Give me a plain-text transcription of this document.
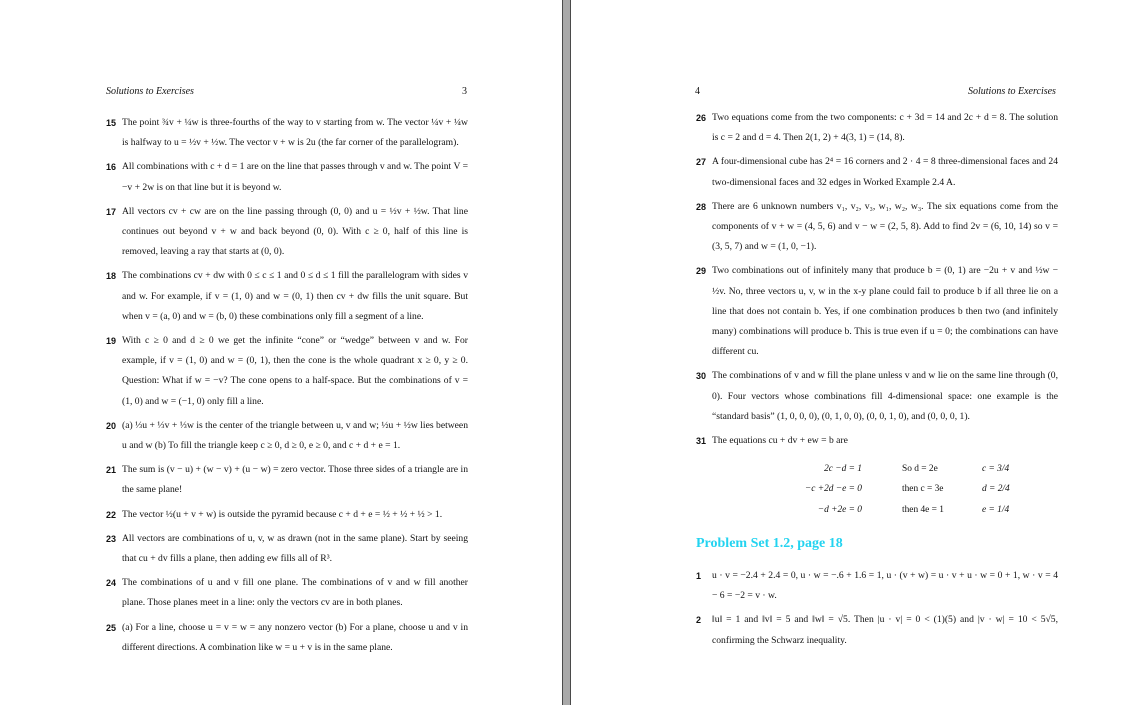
Solutions to Exercises	3
15 The point ¾v + ¼w is three-fourths of the way to v starting from w. The vector ¼v + ¼w is halfway to u = ½v + ½w. The vector v + w is 2u (the far corner of the parallelogram).
16 All combinations with c + d = 1 are on the line that passes through v and w. The point V = −v + 2w is on that line but it is beyond w.
17 All vectors cv + cw are on the line passing through (0, 0) and u = ½v + ½w. That line continues out beyond v + w and back beyond (0, 0). With c ≥ 0, half of this line is removed, leaving a ray that starts at (0, 0).
18 The combinations cv + dw with 0 ≤ c ≤ 1 and 0 ≤ d ≤ 1 fill the parallelogram with sides v and w. For example, if v = (1, 0) and w = (0, 1) then cv + dw fills the unit square. But when v = (a, 0) and w = (b, 0) these combinations only fill a segment of a line.
19 With c ≥ 0 and d ≥ 0 we get the infinite “cone” or “wedge” between v and w. For example, if v = (1, 0) and w = (0, 1), then the cone is the whole quadrant x ≥ 0, y ≥ 0. Question: What if w = −v? The cone opens to a half-space. But the combinations of v = (1, 0) and w = (−1, 0) only fill a line.
20 (a) ⅓u + ⅓v + ⅓w is the center of the triangle between u, v and w; ½u + ½w lies between u and w (b) To fill the triangle keep c ≥ 0, d ≥ 0, e ≥ 0, and c + d + e = 1.
21 The sum is (v − u) + (w − v) + (u − w) = zero vector. Those three sides of a triangle are in the same plane!
22 The vector ½(u + v + w) is outside the pyramid because c + d + e = ½ + ½ + ½ > 1.
23 All vectors are combinations of u, v, w as drawn (not in the same plane). Start by seeing that cu + dv fills a plane, then adding ew fills all of R³.
24 The combinations of u and v fill one plane. The combinations of v and w fill another plane. Those planes meet in a line: only the vectors cv are in both planes.
25 (a) For a line, choose u = v = w = any nonzero vector (b) For a plane, choose u and v in different directions. A combination like w = u + v is in the same plane.
4	Solutions to Exercises
26 Two equations come from the two components: c + 3d = 14 and 2c + d = 8. The solution is c = 2 and d = 4. Then 2(1, 2) + 4(3, 1) = (14, 8).
27 A four-dimensional cube has 2⁴ = 16 corners and 2 · 4 = 8 three-dimensional faces and 24 two-dimensional faces and 32 edges in Worked Example 2.4 A.
28 There are 6 unknown numbers v₁, v₂, v₃, w₁, w₂, w₃. The six equations come from the components of v + w = (4, 5, 6) and v − w = (2, 5, 8). Add to find 2v = (6, 10, 14) so v = (3, 5, 7) and w = (1, 0, −1).
29 Two combinations out of infinitely many that produce b = (0, 1) are −2u + v and ½w − ½v. No, three vectors u, v, w in the x-y plane could fail to produce b if all three lie on a line that does not contain b. Yes, if one combination produces b then two (and infinitely many) combinations will produce b. This is true even if u = 0; the combinations can have different cu.
30 The combinations of v and w fill the plane unless v and w lie on the same line through (0, 0). Four vectors whose combinations fill 4-dimensional space: one example is the “standard basis” (1, 0, 0, 0), (0, 1, 0, 0), (0, 0, 1, 0), and (0, 0, 0, 1).
31 The equations cu + dv + ew = b are
2c −d = 1	So d = 2e	c = 3/4
−c +2d −e = 0	then c = 3e	d = 2/4
−d +2e = 0	then 4e = 1	e = 1/4
Problem Set 1.2, page 18
1 u · v = −2.4 + 2.4 = 0, u · w = −.6 + 1.6 = 1, u · (v + w) = u · v + u · w = 0 + 1, w · v = 4 − 6 = −2 = v · w.
2 ‖u‖ = 1 and ‖v‖ = 5 and ‖w‖ = √5. Then |u · v| = 0 < (1)(5) and |v · w| = 10 < 5√5, confirming the Schwarz inequality.
